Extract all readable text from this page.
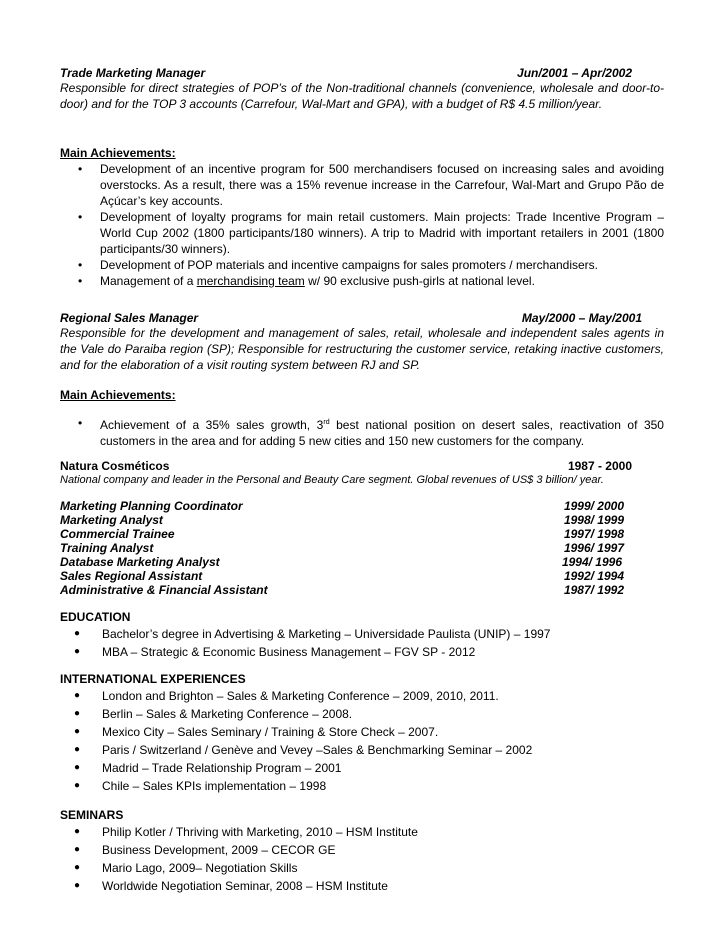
Trade Marketing Manager	Jun/2001 – Apr/2002
Responsible for direct strategies of POP’s of the Non-traditional channels (convenience, wholesale and door-to-door) and for the TOP 3 accounts (Carrefour, Wal-Mart and GPA), with a budget of R$ 4.5 million/year.
Main Achievements:
• Development of an incentive program for 500 merchandisers focused on increasing sales and avoiding overstocks. As a result, there was a 15% revenue increase in the Carrefour, Wal-Mart and Grupo Pão de Açúcar’s key accounts.
• Development of loyalty programs for main retail customers. Main projects: Trade Incentive Program – World Cup 2002 (1800 participants/180 winners). A trip to Madrid with important retailers in 2001 (1800 participants/30 winners).
• Development of POP materials and incentive campaigns for sales promoters / merchandisers.
• Management of a merchandising team w/ 90 exclusive push-girls at national level.
Regional Sales Manager	May/2000 – May/2001
Responsible for the development and management of sales, retail, wholesale and independent sales agents in the Vale do Paraiba region (SP); Responsible for restructuring the customer service, retaking inactive customers, and for the elaboration of a visit routing system between RJ and SP.
Main Achievements:
• Achievement of a 35% sales growth, 3rd best national position on desert sales, reactivation of 350 customers in the area and for adding 5 new cities and 150 new customers for the company.
Natura Cosméticos	1987 - 2000
National company and leader in the Personal and Beauty Care segment. Global revenues of US$ 3 billion/ year.
Marketing Planning Coordinator	1999/ 2000
Marketing Analyst	1998/ 1999
Commercial Trainee	1997/ 1998
Training Analyst	1996/ 1997
Database Marketing Analyst	1994/ 1996
Sales Regional Assistant	1992/ 1994
Administrative & Financial Assistant	1987/ 1992
EDUCATION
● Bachelor’s degree in Advertising & Marketing – Universidade Paulista (UNIP) – 1997
● MBA – Strategic & Economic Business Management – FGV SP - 2012
INTERNATIONAL EXPERIENCES
● London and Brighton – Sales & Marketing Conference – 2009, 2010, 2011.
● Berlin – Sales & Marketing Conference – 2008.
● Mexico City – Sales Seminary / Training & Store Check – 2007.
● Paris / Switzerland / Genève and Vevey –Sales & Benchmarking Seminar – 2002
● Madrid – Trade Relationship Program – 2001
● Chile – Sales KPIs implementation – 1998
SEMINARS
● Philip Kotler / Thriving with Marketing, 2010 – HSM Institute
● Business Development, 2009 – CECOR GE
● Mario Lago, 2009– Negotiation Skills
● Worldwide Negotiation Seminar, 2008 – HSM Institute
